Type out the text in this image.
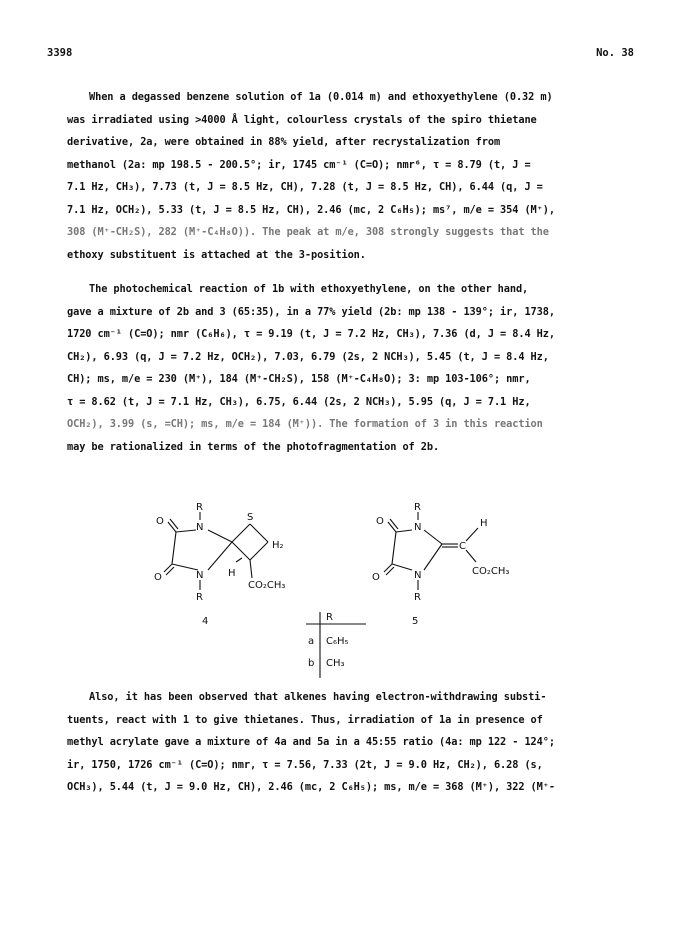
3398	No. 38
When a degassed benzene solution of 1a (0.014 m) and ethoxyethylene (0.32 m)
was irradiated using >4000 Å light, colourless crystals of the spiro thietane
derivative, 2a, were obtained in 88% yield, after recrystalization from
methanol (2a: mp 198.5 - 200.5°; ir, 1745 cm⁻¹ (C=O); nmr⁶, τ = 8.79 (t, J =
7.1 Hz, CH₃), 7.73 (t, J = 8.5 Hz, CH), 7.28 (t, J = 8.5 Hz, CH), 6.44 (q, J =
7.1 Hz, OCH₂), 5.33 (t, J = 8.5 Hz, CH), 2.46 (mc, 2 C₆H₅); ms⁷, m/e = 354 (M⁺),
308 (M⁺-CH₂S), 282 (M⁺-C₄H₈O)). The peak at m/e, 308 strongly suggests that the
ethoxy substituent is attached at the 3-position.
The photochemical reaction of 1b with ethoxyethylene, on the other hand,
gave a mixture of 2b and 3 (65:35), in a 77% yield (2b: mp 138 - 139°; ir, 1738,
1720 cm⁻¹ (C=O); nmr (C₆H₆), τ = 9.19 (t, J = 7.2 Hz, CH₃), 7.36 (d, J = 8.4 Hz,
CH₂), 6.93 (q, J = 7.2 Hz, OCH₂), 7.03, 6.79 (2s, 2 NCH₃), 5.45 (t, J = 8.4 Hz,
CH); ms, m/e = 230 (M⁺), 184 (M⁺-CH₂S), 158 (M⁺-C₄H₈O); 3: mp 103-106°; nmr,
τ = 8.62 (t, J = 7.1 Hz, CH₃), 6.75, 6.44 (2s, 2 NCH₃), 5.95 (q, J = 7.1 Hz,
OCH₂), 3.99 (s, =CH); ms, m/e = 184 (M⁺)). The formation of 3 in this reaction
may be rationalized in terms of the photofragmentation of 2b.
R
N
O
O	N
R
S
H₂
H
CO₂CH₃
4
R
N
O
O	N
R
C
H
CO₂CH₃
5
R
a C₆H₅
b CH₃
Also, it has been observed that alkenes having electron-withdrawing substi-
tuents, react with 1 to give thietanes. Thus, irradiation of 1a in presence of
methyl acrylate gave a mixture of 4a and 5a in a 45:55 ratio (4a: mp 122 - 124°;
ir, 1750, 1726 cm⁻¹ (C=O); nmr, τ = 7.56, 7.33 (2t, J = 9.0 Hz, CH₂), 6.28 (s,
OCH₃), 5.44 (t, J = 9.0 Hz, CH), 2.46 (mc, 2 C₆H₅); ms, m/e = 368 (M⁺), 322 (M⁺-
